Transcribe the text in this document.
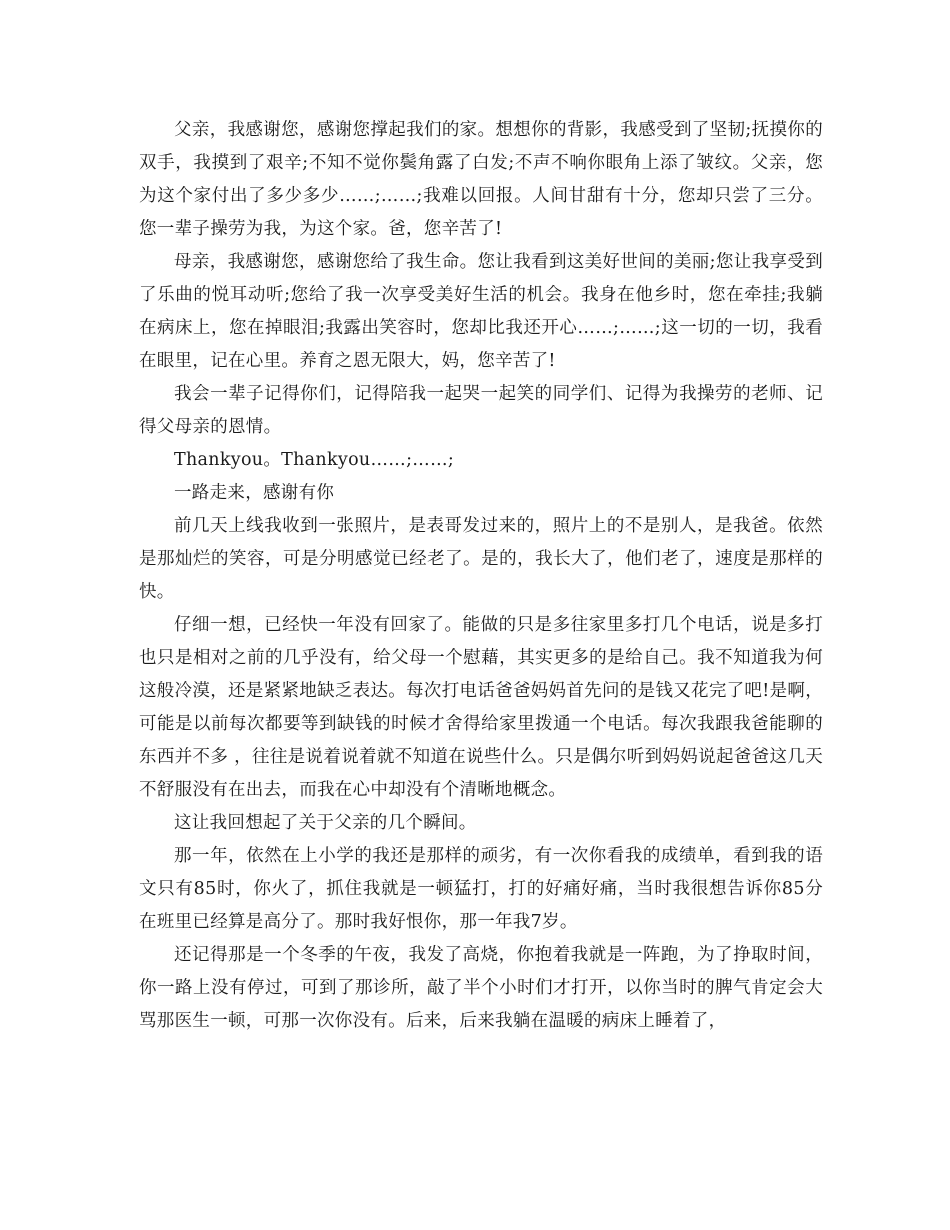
父亲，我感谢您，感谢您撑起我们的家。想想你的背影，我感受到了坚韧;抚摸你的双手，我摸到了艰辛;不知不觉你鬓角露了白发;不声不响你眼角上添了皱纹。父亲，您为这个家付出了多少多少……;……;我难以回报。人间甘甜有十分，您却只尝了三分。您一辈子操劳为我，为这个家。爸，您辛苦了!

母亲，我感谢您，感谢您给了我生命。您让我看到这美好世间的美丽;您让我享受到了乐曲的悦耳动听;您给了我一次享受美好生活的机会。我身在他乡时，您在牵挂;我躺在病床上，您在掉眼泪;我露出笑容时，您却比我还开心……;……;这一切的一切，我看在眼里，记在心里。养育之恩无限大，妈，您辛苦了!

我会一辈子记得你们，记得陪我一起哭一起笑的同学们、记得为我操劳的老师、记得父母亲的恩情。

Thankyou。Thankyou……;……;

一路走来，感谢有你

前几天上线我收到一张照片，是表哥发过来的，照片上的不是别人，是我爸。依然是那灿烂的笑容，可是分明感觉已经老了。是的，我长大了，他们老了，速度是那样的快。

仔细一想，已经快一年没有回家了。能做的只是多往家里多打几个电话，说是多打也只是相对之前的几乎没有，给父母一个慰藉，其实更多的是给自己。我不知道我为何这般冷漠，还是紧紧地缺乏表达。每次打电话爸爸妈妈首先问的是钱又花完了吧!是啊，可能是以前每次都要等到缺钱的时候才舍得给家里拨通一个电话。每次我跟我爸能聊的东西并不多 ，往往是说着说着就不知道在说些什么。只是偶尔听到妈妈说起爸爸这几天不舒服没有在出去，而我在心中却没有个清晰地概念。

这让我回想起了关于父亲的几个瞬间。

那一年，依然在上小学的我还是那样的顽劣，有一次你看我的成绩单，看到我的语文只有85时，你火了，抓住我就是一顿猛打，打的好痛好痛，当时我很想告诉你85分在班里已经算是高分了。那时我好恨你，那一年我7岁。

还记得那是一个冬季的午夜，我发了高烧，你抱着我就是一阵跑，为了挣取时间，你一路上没有停过，可到了那诊所，敲了半个小时们才打开，以你当时的脾气肯定会大骂那医生一顿，可那一次你没有。后来，后来我躺在温暖的病床上睡着了，
